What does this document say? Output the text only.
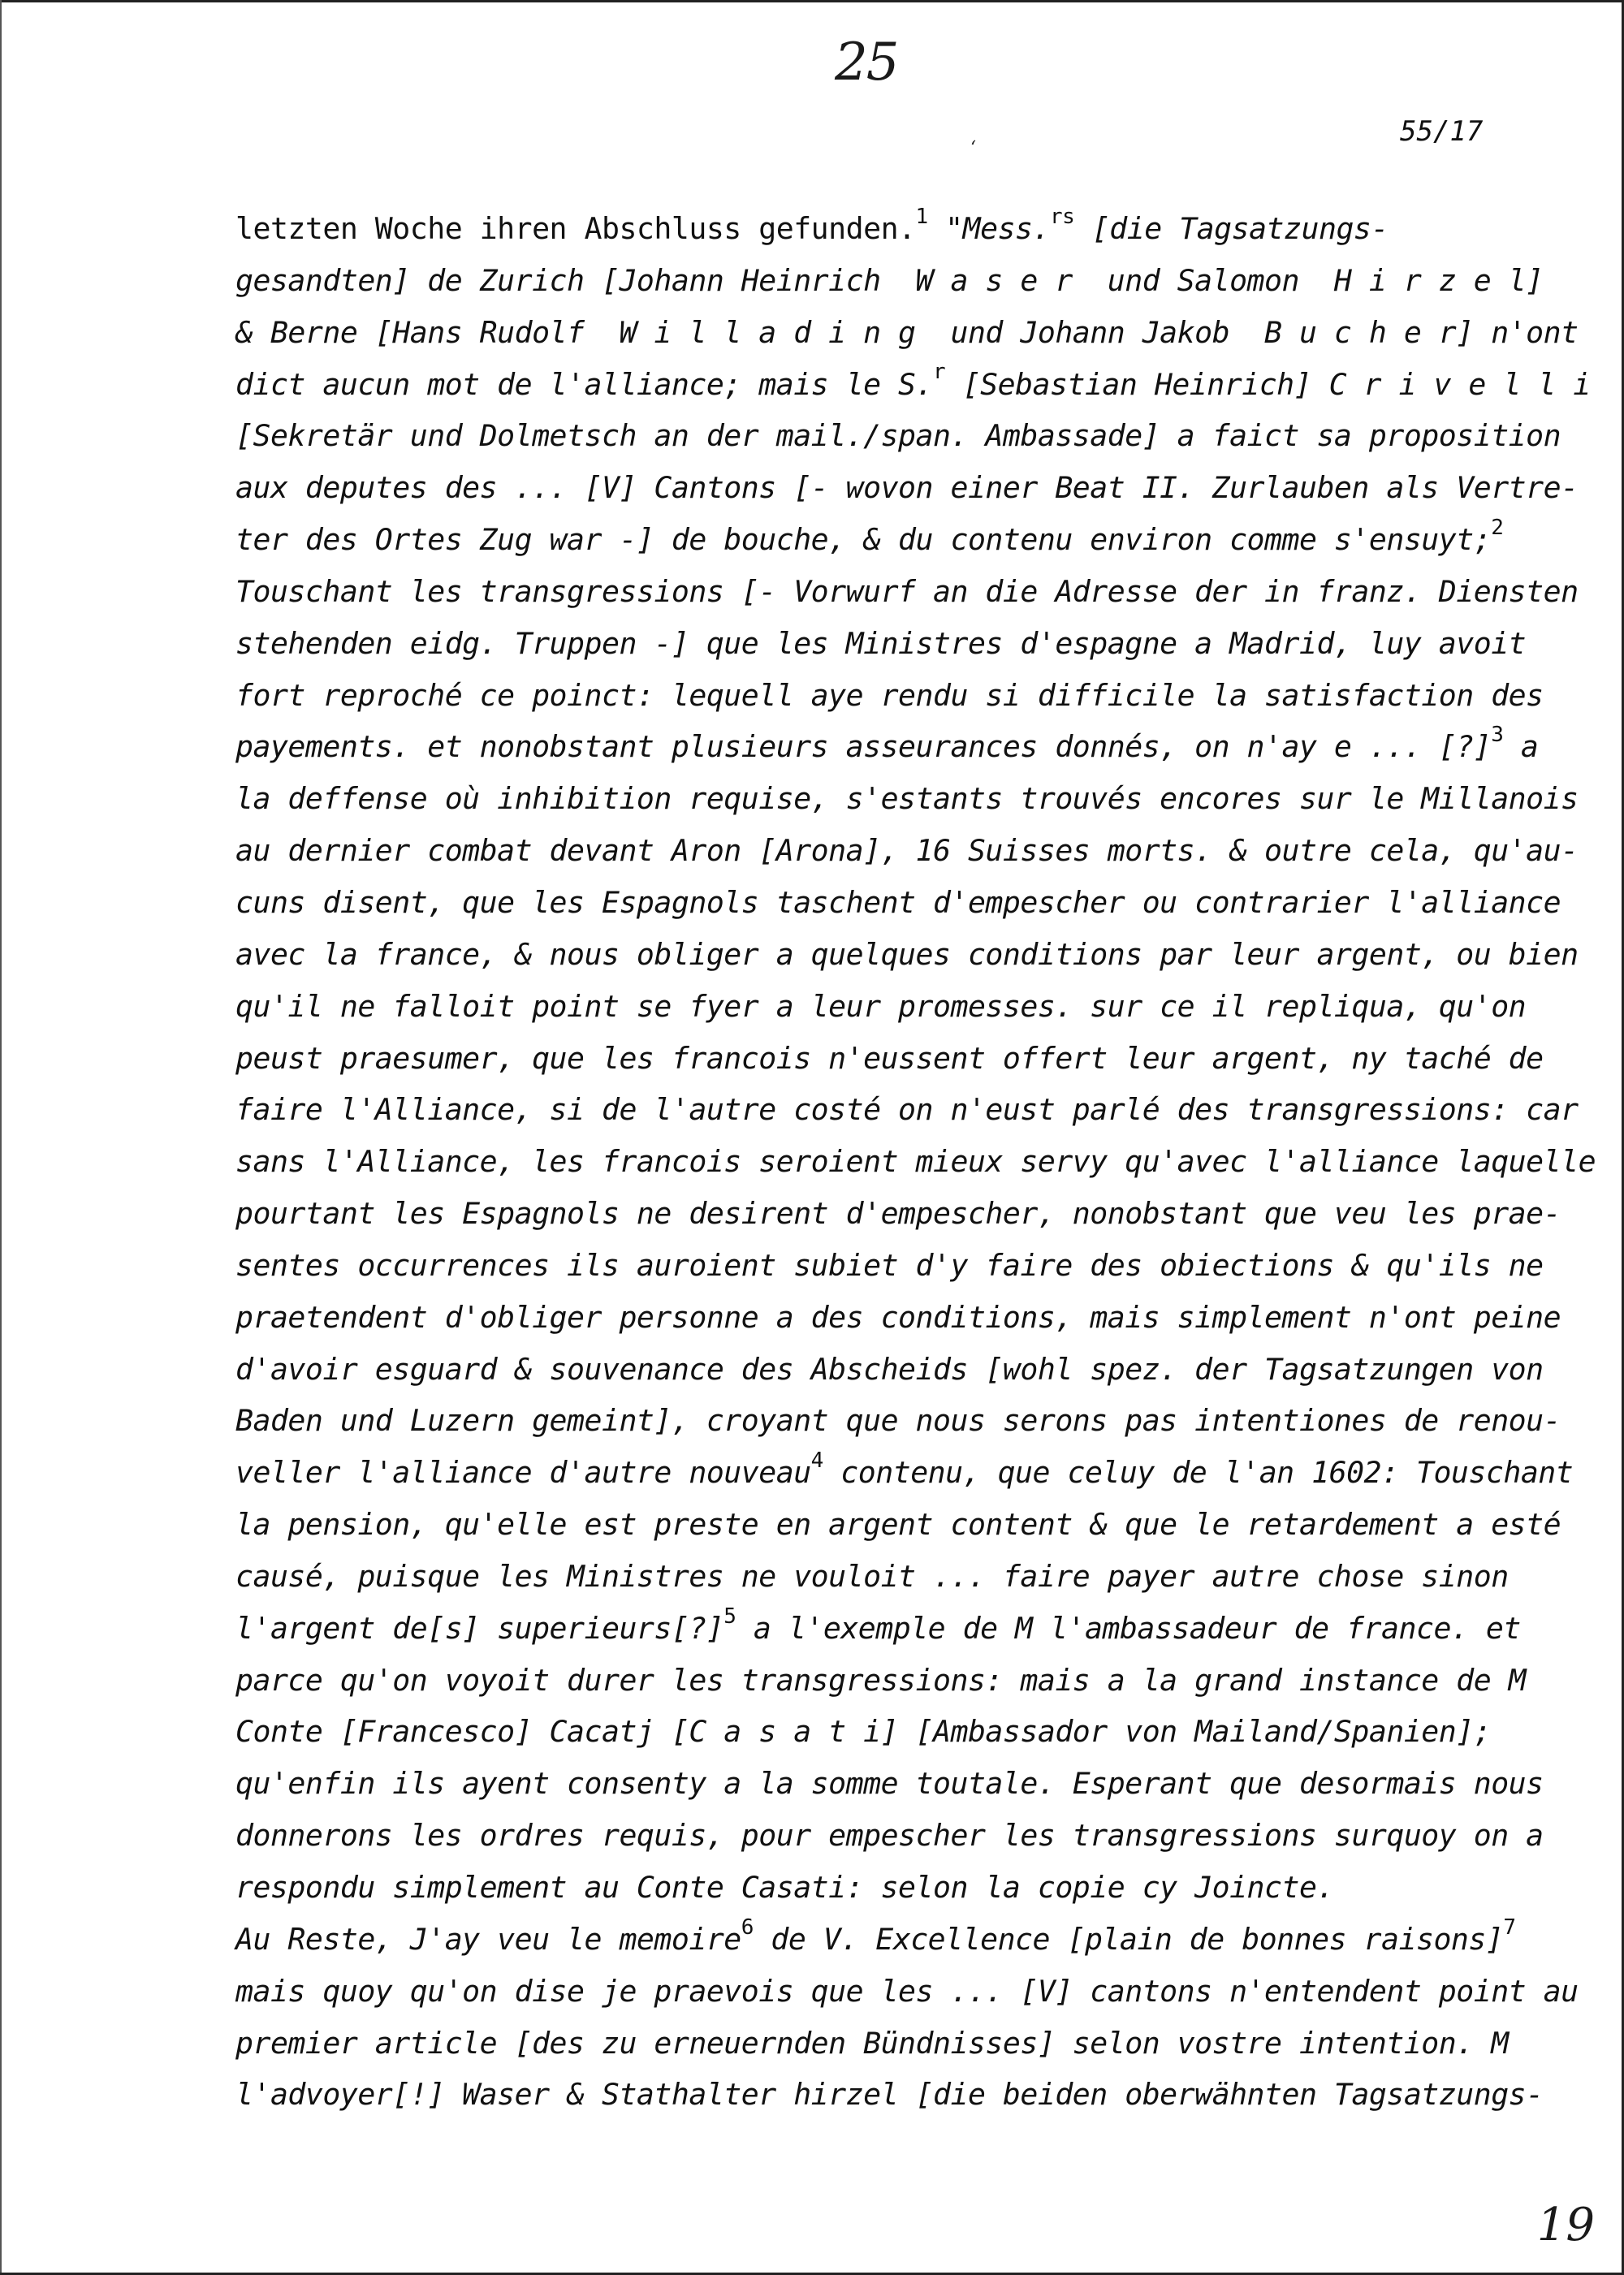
25
‘
55/17
letzten Woche ihren Abschluss gefunden.$^1$ "Mess.$^{rs}$ [die Tagsatzungs-
gesandten] de Zurich [Johann Heinrich  W a s e r  und Salomon  H i r z e l]
& Berne [Hans Rudolf  W i l l a d i n g  und Johann Jakob  B u c h e r] n'ont
dict aucun mot de l'alliance; mais le S.$^r$ [Sebastian Heinrich] C r i v e l l i
[Sekretär und Dolmetsch an der mail./span. Ambassade] a faict sa proposition
aux deputes des ... [V] Cantons [- wovon einer Beat II. Zurlauben als Vertre-
ter des Ortes Zug war -] de bouche, & du contenu environ comme s'ensuyt;$^2$
Touschant les transgressions [- Vorwurf an die Adresse der in franz. Diensten
stehenden eidg. Truppen -] que les Ministres d'espagne a Madrid, luy avoit
fort reproché ce poinct: lequell aye rendu si difficile la satisfaction des
payements. et nonobstant plusieurs asseurances donnés, on n'ay e ... [?]$^3$ a
la deffense où inhibition requise, s'estants trouvés encores sur le Millanois
au dernier combat devant Aron [Arona], 16 Suisses morts. & outre cela, qu'au-
cuns disent, que les Espagnols taschent d'empescher ou contrarier l'alliance
avec la france, & nous obliger a quelques conditions par leur argent, ou bien
qu'il ne falloit point se fyer a leur promesses. sur ce il repliqua, qu'on
peust praesumer, que les francois n'eussent offert leur argent, ny taché de
faire l'Alliance, si de l'autre costé on n'eust parlé des transgressions: car
sans l'Alliance, les francois seroient mieux servy qu'avec l'alliance laquelle
pourtant les Espagnols ne desirent d'empescher, nonobstant que veu les prae-
sentes occurrences ils auroient subiet d'y faire des obiections & qu'ils ne
praetendent d'obliger personne a des conditions, mais simplement n'ont peine
d'avoir esguard & souvenance des Abscheids [wohl spez. der Tagsatzungen von
Baden und Luzern gemeint], croyant que nous serons pas intentiones de renou-
veller l'alliance d'autre nouveau$^4$ contenu, que celuy de l'an 1602: Touschant
la pension, qu'elle est preste en argent content & que le retardement a esté
causé, puisque les Ministres ne vouloit ... faire payer autre chose sinon
l'argent de[s] superieurs[?]$^5$ a l'exemple de M l'ambassadeur de france. et
parce qu'on voyoit durer les transgressions: mais a la grand instance de M
Conte [Francesco] Cacatj [C a s a t i] [Ambassador von Mailand/Spanien];
qu'enfin ils ayent consenty a la somme toutale. Esperant que desormais nous
donnerons les ordres requis, pour empescher les transgressions surquoy on a
respondu simplement au Conte Casati: selon la copie cy Joincte.
Au Reste, J'ay veu le memoire$^6$ de V. Excellence [plain de bonnes raisons]$^7$
mais quoy qu'on dise je praevois que les ... [V] cantons n'entendent point au
premier article [des zu erneuernden Bündnisses] selon vostre intention. M
l'advoyer[!] Waser & Stathalter hirzel [die beiden oberwähnten Tagsatzungs-
19
